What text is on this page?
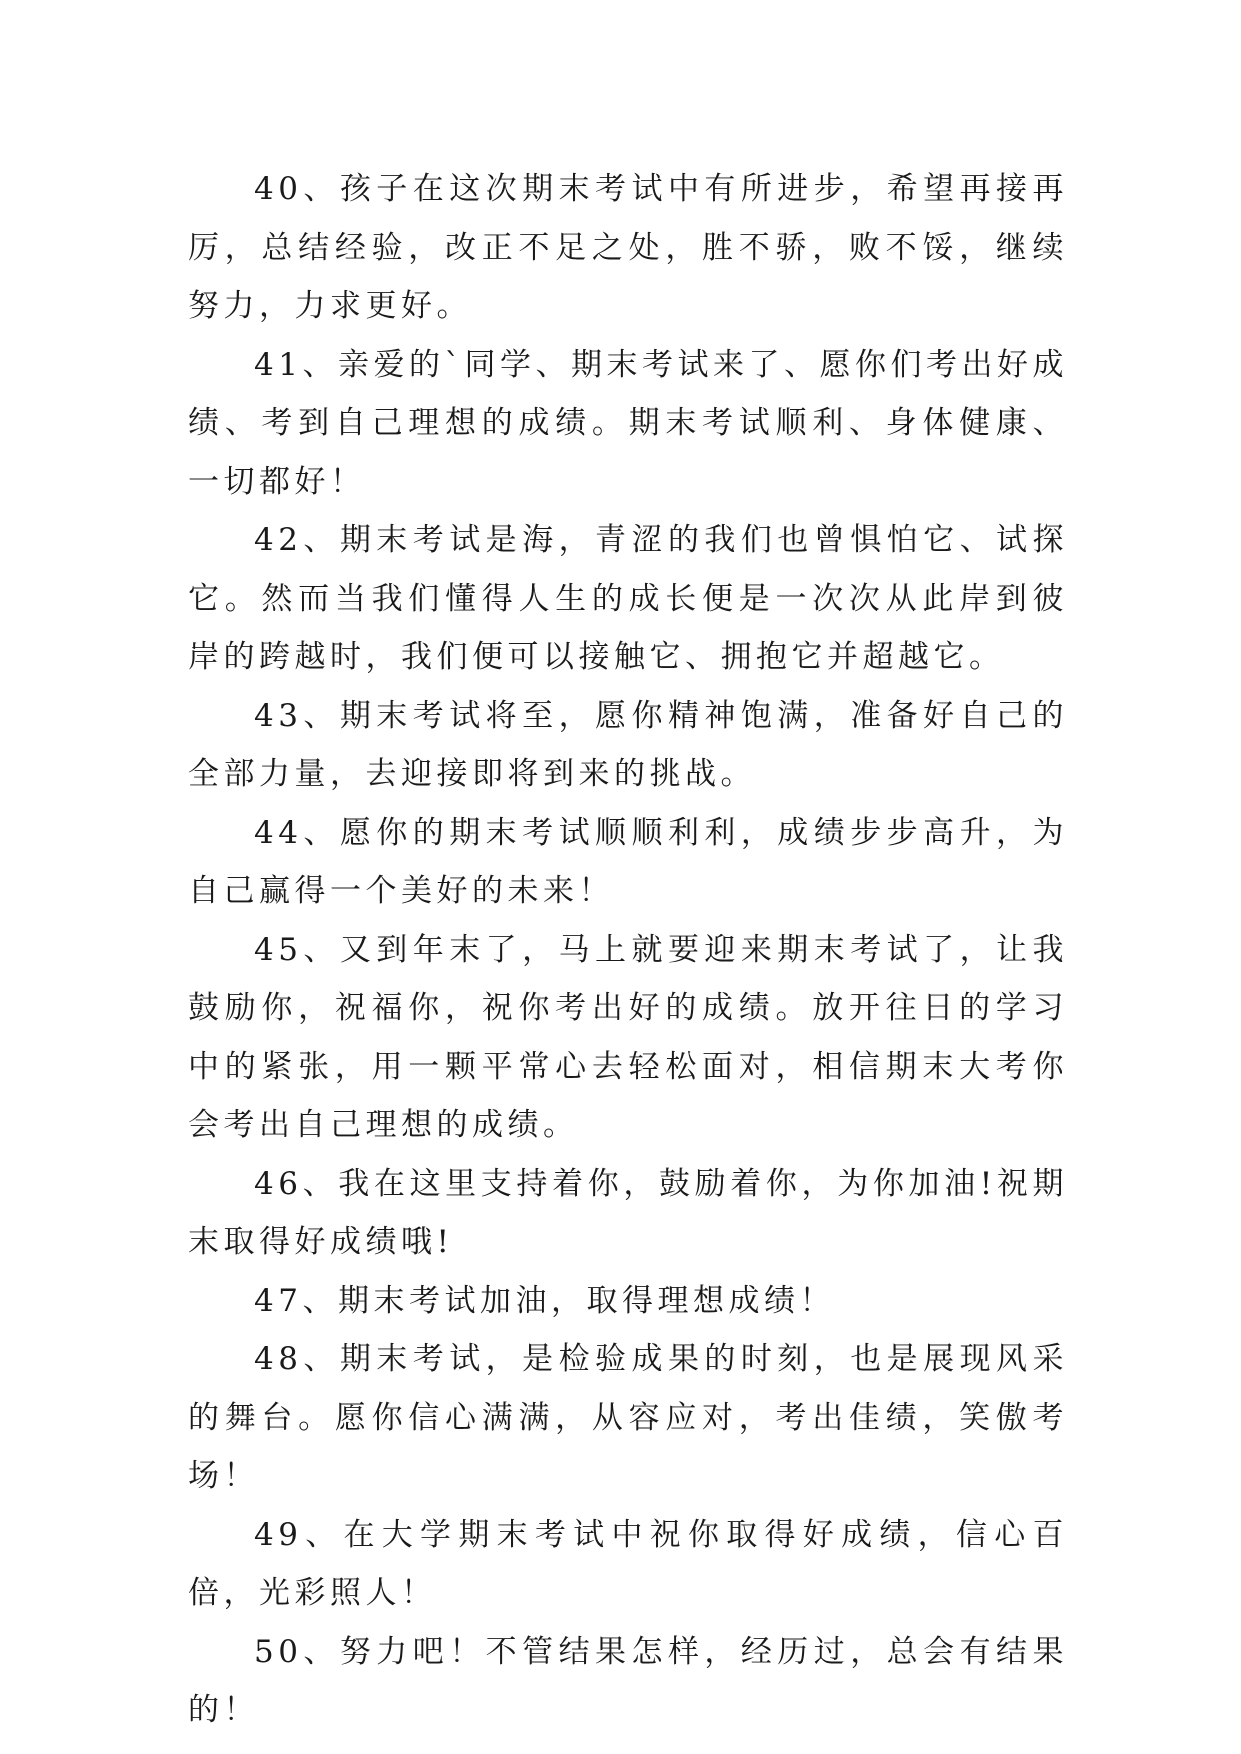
40、孩子在这次期末考试中有所进步，希望再接再厉，总结经验，改正不足之处，胜不骄，败不馁，继续努力，力求更好。

41、亲爱的`同学、期末考试来了、愿你们考出好成绩、考到自己理想的成绩。期末考试顺利、身体健康、一切都好！

42、期末考试是海，青涩的我们也曾惧怕它、试探它。然而当我们懂得人生的成长便是一次次从此岸到彼岸的跨越时，我们便可以接触它、拥抱它并超越它。

43、期末考试将至，愿你精神饱满，准备好自己的全部力量，去迎接即将到来的挑战。

44、愿你的期末考试顺顺利利，成绩步步高升，为自己赢得一个美好的未来！

45、又到年末了，马上就要迎来期末考试了，让我鼓励你，祝福你，祝你考出好的成绩。放开往日的学习中的紧张，用一颗平常心去轻松面对，相信期末大考你会考出自己理想的成绩。

46、我在这里支持着你，鼓励着你，为你加油!祝期末取得好成绩哦!

47、期末考试加油，取得理想成绩！

48、期末考试，是检验成果的时刻，也是展现风采的舞台。愿你信心满满，从容应对，考出佳绩，笑傲考场！

49、在大学期末考试中祝你取得好成绩，信心百倍，光彩照人！

50、努力吧！不管结果怎样，经历过，总会有结果的！
